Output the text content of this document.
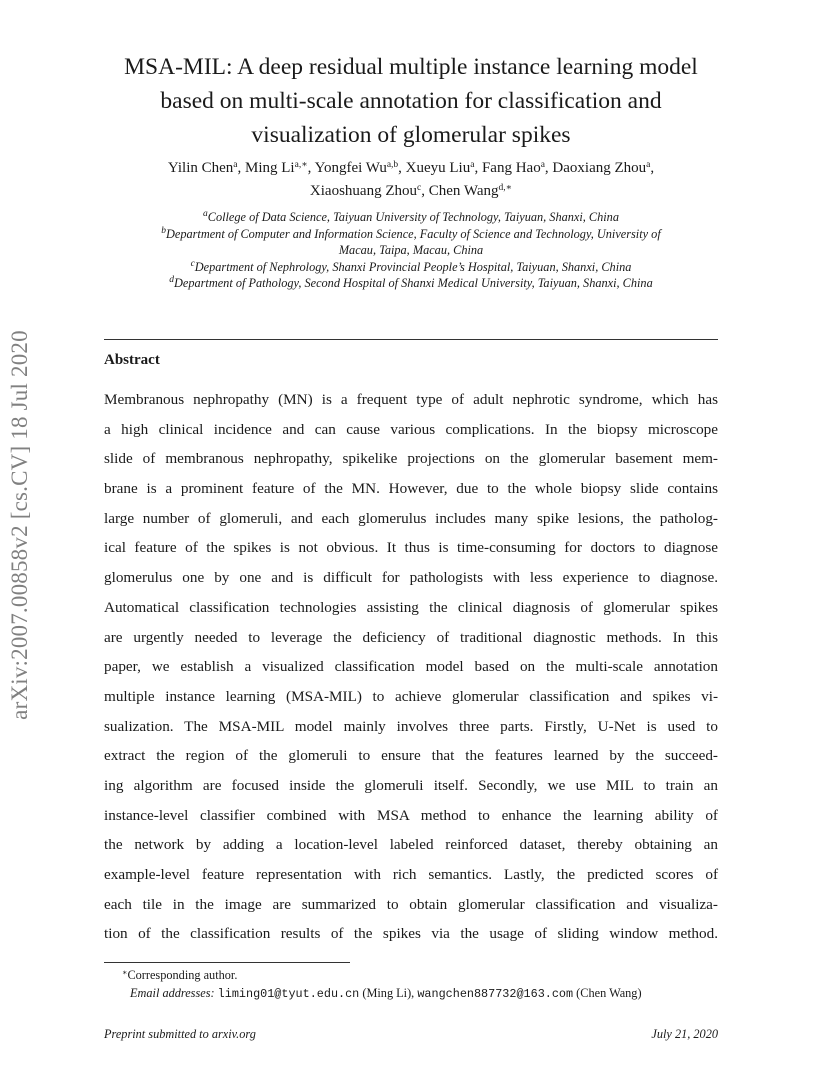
arXiv:2007.00858v2 [cs.CV] 18 Jul 2020
MSA-MIL: A deep residual multiple instance learning model
based on multi-scale annotation for classification and
visualization of glomerular spikes
Yilin Chen$^a$, Ming $Li^{a,∗}$, Yongfei Wu$^{a,b}$, Xueyu Liu$^a$, Fang Hao$^a$, Daoxiang Zhou$^a$,
Xiaoshuang Zhou$^c$, Chen Wang$^{d,∗}$
$^a$College of Data Science, Taiyuan University of Technology, Taiyuan, Shanxi, China
$^b$Department of Computer and Information Science, Faculty of Science and Technology, University of
Macau, Taipa, Macau, China
$^c$Department of Nephrology, Shanxi Provincial People’s Hospital, Taiyuan, Shanxi, China
$^d$Department of Pathology, Second Hospital of Shanxi Medical University, Taiyuan, Shanxi, China
Abstract
Membranous nephropathy (MN) is a frequent type of adult nephrotic syndrome, which has
a high clinical incidence and can cause various complications. In the biopsy microscope
slide of membranous nephropathy, spikelike projections on the glomerular basement mem-
brane is a prominent feature of the MN. However, due to the whole biopsy slide contains
large number of glomeruli, and each glomerulus includes many spike lesions, the patholog-
ical feature of the spikes is not obvious. It thus is time-consuming for doctors to diagnose
glomerulus one by one and is difficult for pathologists with less experience to diagnose.
Automatical classification technologies assisting the clinical diagnosis of glomerular spikes
are urgently needed to leverage the deficiency of traditional diagnostic methods. In this
paper, we establish a visualized classification model based on the multi-scale annotation
multiple instance learning (MSA-MIL) to achieve glomerular classification and spikes vi-
sualization. The MSA-MIL model mainly involves three parts. Firstly, U-Net is used to
extract the region of the glomeruli to ensure that the features learned by the succeed-
ing algorithm are focused inside the glomeruli itself. Secondly, we use MIL to train an
instance-level classifier combined with MSA method to enhance the learning ability of
the network by adding a location-level labeled reinforced dataset, thereby obtaining an
example-level feature representation with rich semantics. Lastly, the predicted scores of
each tile in the image are summarized to obtain glomerular classification and visualiza-
tion of the classification results of the spikes via the usage of sliding window method.
∗Corresponding author.
Email addresses: liming01@tyut.edu.cn (Ming Li), wangchen887732@163.com (Chen Wang)
Preprint submitted to arxiv.org	July 21, 2020
